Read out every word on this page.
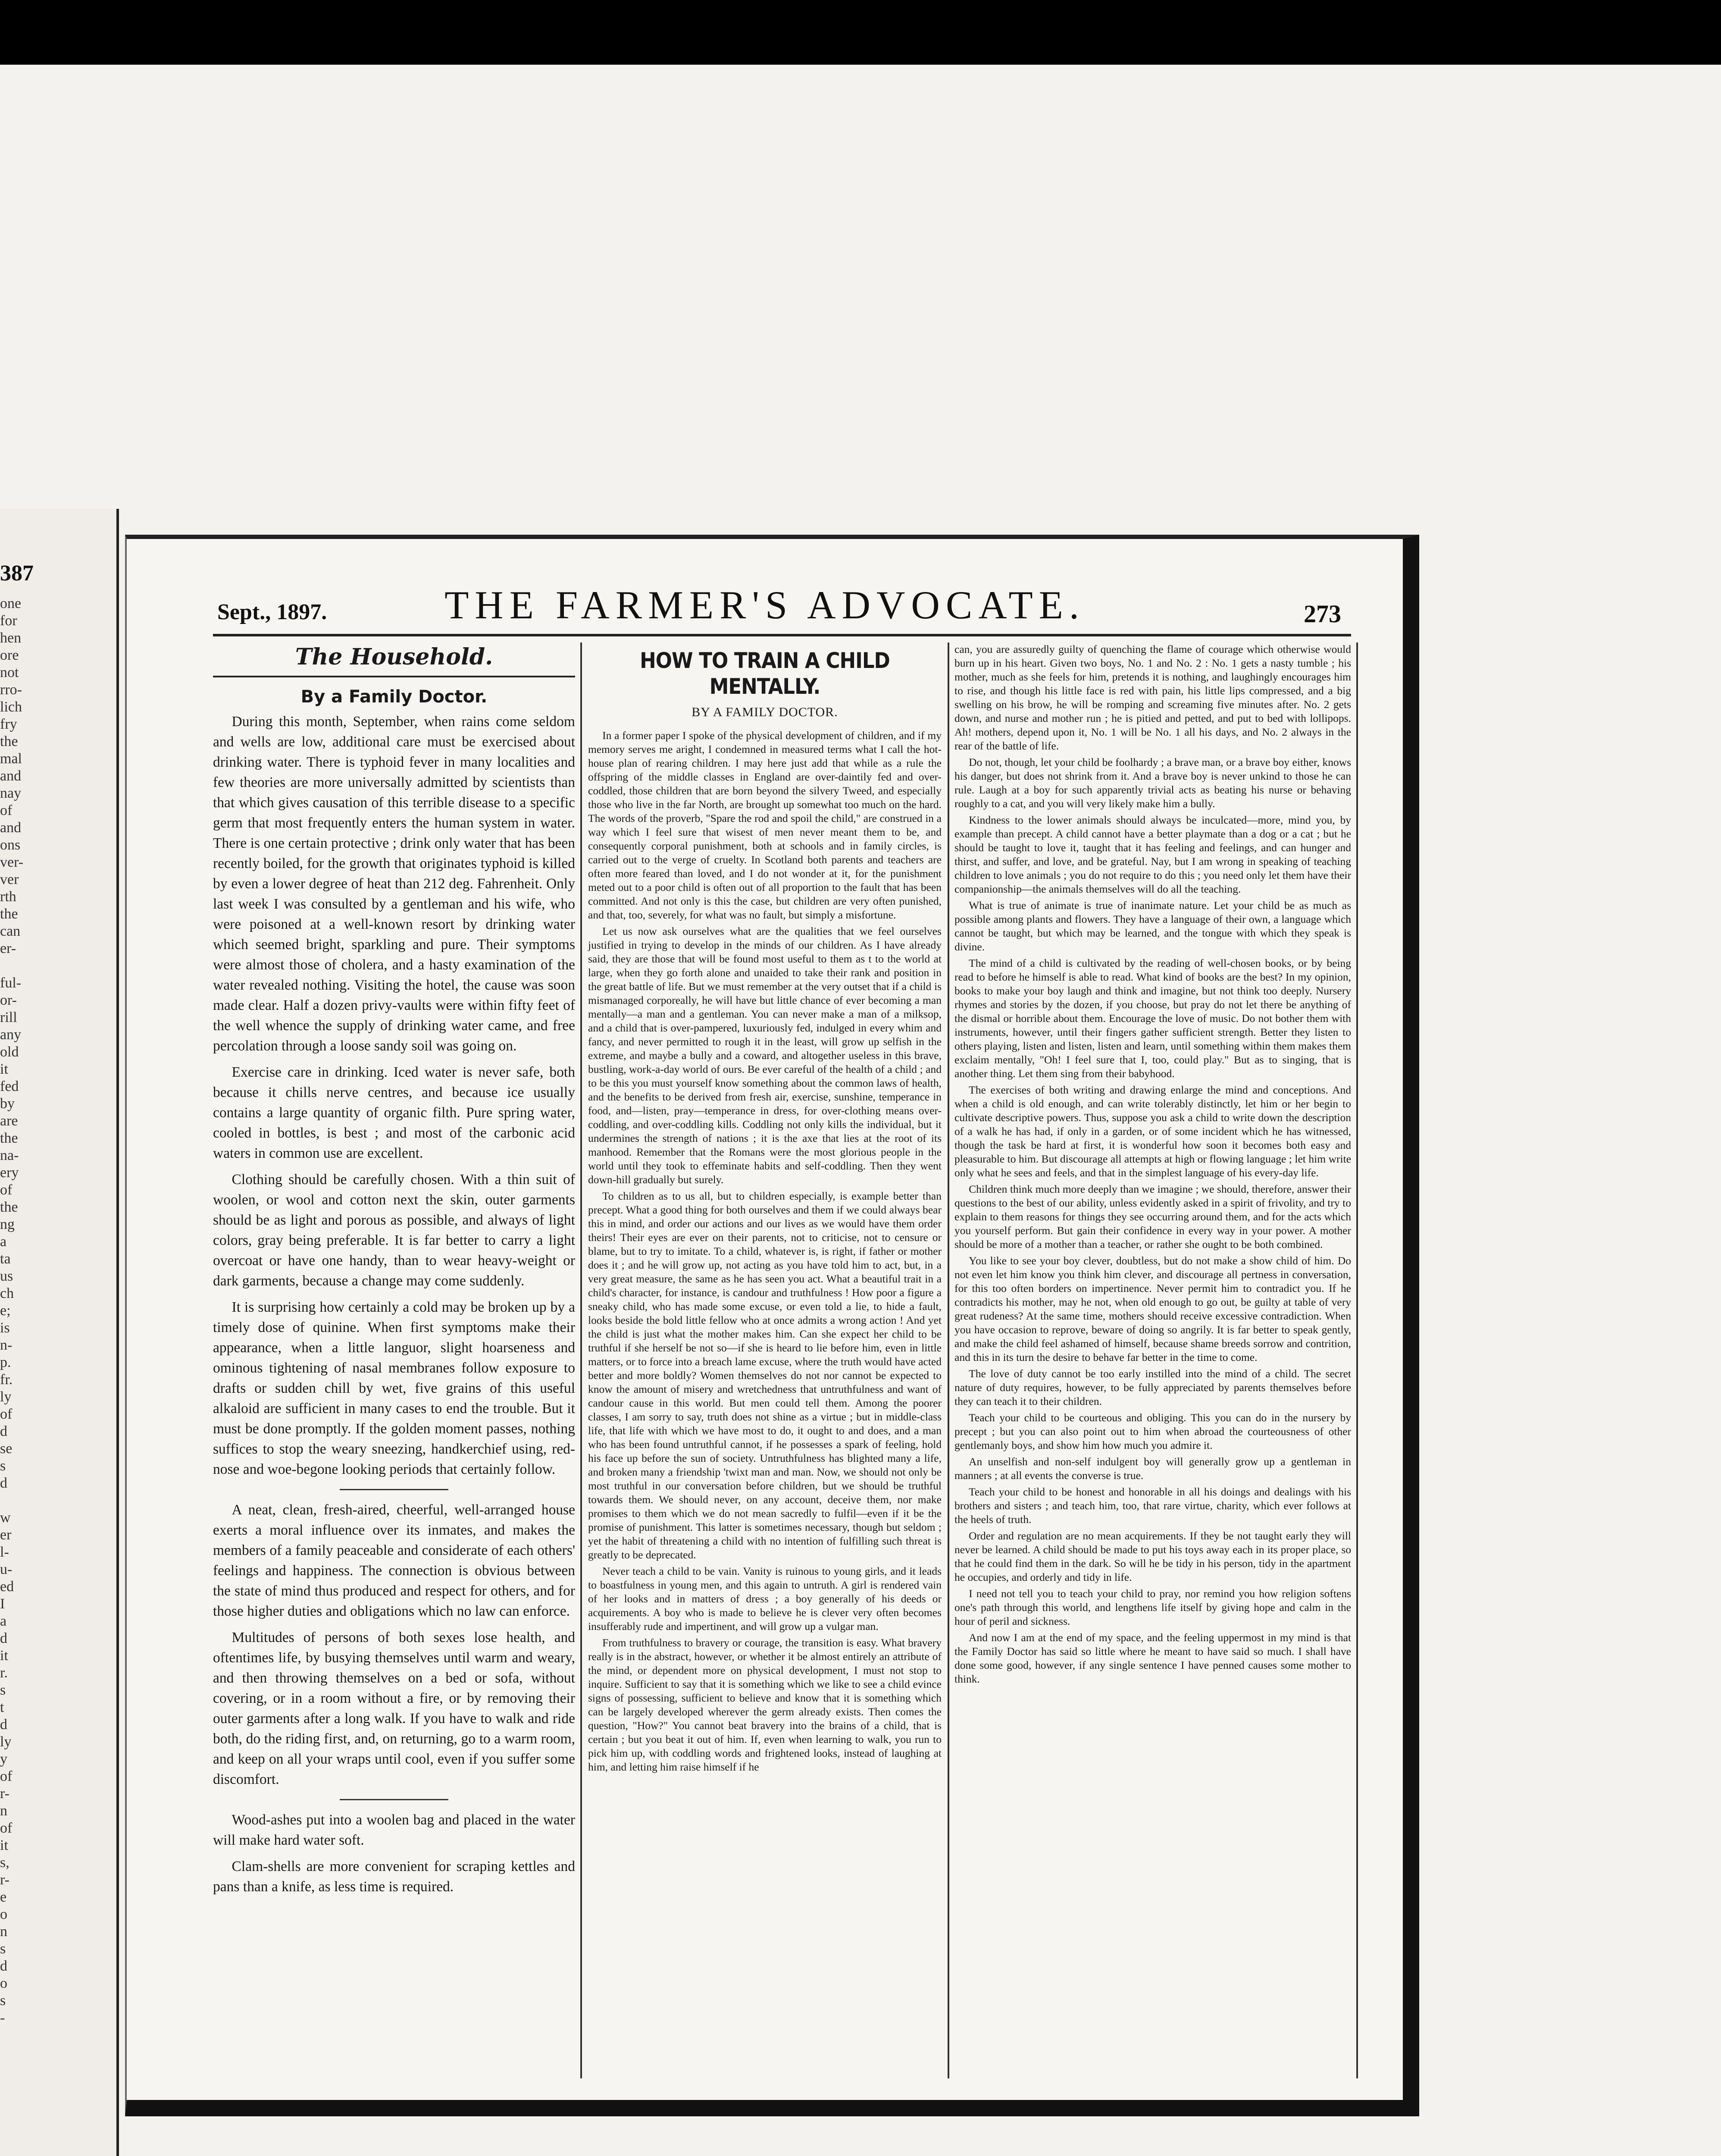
387
one
for
hen
ore
not
rro-
lich
fry
the
mal
and
nay
of
and
ons
ver-
ver
rth
the
can
er-

ful-
or-
rill
any
old
it
fed
by
are
the
na-
ery
of
the
ng
a
ta
us
ch
e;
is
n-
p.
fr.
ly
of
d
se
s
d

w
er
l-
u-
ed
I
a
d
it
r.
s
t
d
ly
y
of
r-
n
of
it
s,
r-
e
o
n
s
d
o
s
-
Sept., 1897.	THE FARMER'S ADVOCATE.	273
The Household.
By a Family Doctor.

During this month, September, when rains come seldom and wells are low, additional care must be exercised about drinking water. There is typhoid fever in many localities and few theories are more universally admitted by scientists than that which gives causation of this terrible disease to a specific germ that most frequently enters the human system in water. There is one certain protective ; drink only water that has been recently boiled, for the growth that originates typhoid is killed by even a lower degree of heat than 212 deg. Fahrenheit. Only last week I was consulted by a gentleman and his wife, who were poisoned at a well-known resort by drinking water which seemed bright, sparkling and pure. Their symptoms were almost those of cholera, and a hasty examination of the water revealed nothing. Visiting the hotel, the cause was soon made clear. Half a dozen privy-vaults were within fifty feet of the well whence the supply of drinking water came, and free percolation through a loose sandy soil was going on.

Exercise care in drinking. Iced water is never safe, both because it chills nerve centres, and because ice usually contains a large quantity of organic filth. Pure spring water, cooled in bottles, is best ; and most of the carbonic acid waters in common use are excellent.

Clothing should be carefully chosen. With a thin suit of woolen, or wool and cotton next the skin, outer garments should be as light and porous as possible, and always of light colors, gray being preferable. It is far better to carry a light overcoat or have one handy, than to wear heavy-weight or dark garments, because a change may come suddenly.

It is surprising how certainly a cold may be broken up by a timely dose of quinine. When first symptoms make their appearance, when a little languor, slight hoarseness and ominous tightening of nasal membranes follow exposure to drafts or sudden chill by wet, five grains of this useful alkaloid are sufficient in many cases to end the trouble. But it must be done promptly. If the golden moment passes, nothing suffices to stop the weary sneezing, handkerchief using, red-nose and woe-begone looking periods that certainly follow.

A neat, clean, fresh-aired, cheerful, well-arranged house exerts a moral influence over its inmates, and makes the members of a family peaceable and considerate of each others' feelings and happiness. The connection is obvious between the state of mind thus produced and respect for others, and for those higher duties and obligations which no law can enforce.

Multitudes of persons of both sexes lose health, and oftentimes life, by busying themselves until warm and weary, and then throwing themselves on a bed or sofa, without covering, or in a room without a fire, or by removing their outer garments after a long walk. If you have to walk and ride both, do the riding first, and, on returning, go to a warm room, and keep on all your wraps until cool, even if you suffer some discomfort.

Wood-ashes put into a woolen bag and placed in the water will make hard water soft.

Clam-shells are more convenient for scraping kettles and pans than a knife, as less time is required.

HOW TO TRAIN A CHILD MENTALLY.
BY A FAMILY DOCTOR.

In a former paper I spoke of the physical development of children, and if my memory serves me aright, I condemned in measured terms what I call the hot-house plan of rearing children. I may here just add that while as a rule the offspring of the middle classes in England are over-daintily fed and over-coddled, those children that are born beyond the silvery Tweed, and especially those who live in the far North, are brought up somewhat too much on the hard. The words of the proverb, "Spare the rod and spoil the child," are construed in a way which I feel sure that wisest of men never meant them to be, and consequently corporal punishment, both at schools and in family circles, is carried out to the verge of cruelty. In Scotland both parents and teachers are often more feared than loved, and I do not wonder at it, for the punishment meted out to a poor child is often out of all proportion to the fault that has been committed. And not only is this the case, but children are very often punished, and that, too, severely, for what was no fault, but simply a misfortune.

Let us now ask ourselves what are the qualities that we feel ourselves justified in trying to develop in the minds of our children. As I have already said, they are those that will be found most useful to them as t to the world at large, when they go forth alone and unaided to take their rank and position in the great battle of life. But we must remember at the very outset that if a child is mismanaged corporeally, he will have but little chance of ever becoming a man mentally—a man and a gentleman. You can never make a man of a milksop, and a child that is over-pampered, luxuriously fed, indulged in every whim and fancy, and never permitted to rough it in the least, will grow up selfish in the extreme, and maybe a bully and a coward, and altogether useless in this brave, bustling, work-a-day world of ours. Be ever careful of the health of a child ; and to be this you must yourself know something about the common laws of health, and the benefits to be derived from fresh air, exercise, sunshine, temperance in food, and—listen, pray—temperance in dress, for over-clothing means over-coddling, and over-coddling kills. Coddling not only kills the individual, but it undermines the strength of nations ; it is the axe that lies at the root of its manhood. Remember that the Romans were the most glorious people in the world until they took to effeminate habits and self-coddling. Then they went down-hill gradually but surely.

To children as to us all, but to children especially, is example better than precept. What a good thing for both ourselves and them if we could always bear this in mind, and order our actions and our lives as we would have them order theirs! Their eyes are ever on their parents, not to criticise, not to censure or blame, but to try to imitate. To a child, whatever is, is right, if father or mother does it ; and he will grow up, not acting as you have told him to act, but, in a very great measure, the same as he has seen you act. What a beautiful trait in a child's character, for instance, is candour and truthfulness ! How poor a figure a sneaky child, who has made some excuse, or even told a lie, to hide a fault, looks beside the bold little fellow who at once admits a wrong action ! And yet the child is just what the mother makes him. Can she expect her child to be truthful if she herself be not so—if she is heard to lie before him, even in little matters, or to force into a breach lame excuse, where the truth would have acted better and more boldly? Women themselves do not nor cannot be expected to know the amount of misery and wretchedness that untruthfulness and want of candour cause in this world. But men could tell them. Among the poorer classes, I am sorry to say, truth does not shine as a virtue ; but in middle-class life, that life with which we have most to do, it ought to and does, and a man who has been found untruthful cannot, if he possesses a spark of feeling, hold his face up before the sun of society. Untruthfulness has blighted many a life, and broken many a friendship 'twixt man and man. Now, we should not only be most truthful in our conversation before children, but we should be truthful towards them. We should never, on any account, deceive them, nor make promises to them which we do not mean sacredly to fulfil—even if it be the promise of punishment. This latter is sometimes necessary, though but seldom ; yet the habit of threatening a child with no intention of fulfilling such threat is greatly to be deprecated.

Never teach a child to be vain. Vanity is ruinous to young girls, and it leads to boastfulness in young men, and this again to untruth. A girl is rendered vain of her looks and in matters of dress ; a boy generally of his deeds or acquirements. A boy who is made to believe he is clever very often becomes insufferably rude and impertinent, and will grow up a vulgar man.

From truthfulness to bravery or courage, the transition is easy. What bravery really is in the abstract, however, or whether it be almost entirely an attribute of the mind, or dependent more on physical development, I must not stop to inquire. Sufficient to say that it is something which we like to see a child evince signs of possessing, sufficient to believe and know that it is something which can be largely developed wherever the germ already exists. Then comes the question, "How?" You cannot beat bravery into the brains of a child, that is certain ; but you beat it out of him. If, even when learning to walk, you run to pick him up, with coddling words and frightened looks, instead of laughing at him, and letting him raise himself if he

can, you are assuredly guilty of quenching the flame of courage which otherwise would burn up in his heart. Given two boys, No. 1 and No. 2 : No. 1 gets a nasty tumble ; his mother, much as she feels for him, pretends it is nothing, and laughingly encourages him to rise, and though his little face is red with pain, his little lips compressed, and a big swelling on his brow, he will be romping and screaming five minutes after. No. 2 gets down, and nurse and mother run ; he is pitied and petted, and put to bed with lollipops. Ah! mothers, depend upon it, No. 1 will be No. 1 all his days, and No. 2 always in the rear of the battle of life.

Do not, though, let your child be foolhardy ; a brave man, or a brave boy either, knows his danger, but does not shrink from it. And a brave boy is never unkind to those he can rule. Laugh at a boy for such apparently trivial acts as beating his nurse or behaving roughly to a cat, and you will very likely make him a bully.

Kindness to the lower animals should always be inculcated—more, mind you, by example than precept. A child cannot have a better playmate than a dog or a cat ; but he should be taught to love it, taught that it has feeling and feelings, and can hunger and thirst, and suffer, and love, and be grateful. Nay, but I am wrong in speaking of teaching children to love animals ; you do not require to do this ; you need only let them have their companionship—the animals themselves will do all the teaching.

What is true of animate is true of inanimate nature. Let your child be as much as possible among plants and flowers. They have a language of their own, a language which cannot be taught, but which may be learned, and the tongue with which they speak is divine.

The mind of a child is cultivated by the reading of well-chosen books, or by being read to before he himself is able to read. What kind of books are the best? In my opinion, books to make your boy laugh and think and imagine, but not think too deeply. Nursery rhymes and stories by the dozen, if you choose, but pray do not let there be anything of the dismal or horrible about them. Encourage the love of music. Do not bother them with instruments, however, until their fingers gather sufficient strength. Better they listen to others playing, listen and listen, listen and learn, until something within them makes them exclaim mentally, "Oh! I feel sure that I, too, could play." But as to singing, that is another thing. Let them sing from their babyhood.

The exercises of both writing and drawing enlarge the mind and conceptions. And when a child is old enough, and can write tolerably distinctly, let him or her begin to cultivate descriptive powers. Thus, suppose you ask a child to write down the description of a walk he has had, if only in a garden, or of some incident which he has witnessed, though the task be hard at first, it is wonderful how soon it becomes both easy and pleasurable to him. But discourage all attempts at high or flowing language ; let him write only what he sees and feels, and that in the simplest language of his every-day life.

Children think much more deeply than we imagine ; we should, therefore, answer their questions to the best of our ability, unless evidently asked in a spirit of frivolity, and try to explain to them reasons for things they see occurring around them, and for the acts which you yourself perform. But gain their confidence in every way in your power. A mother should be more of a mother than a teacher, or rather she ought to be both combined.

You like to see your boy clever, doubtless, but do not make a show child of him. Do not even let him know you think him clever, and discourage all pertness in conversation, for this too often borders on impertinence. Never permit him to contradict you. If he contradicts his mother, may he not, when old enough to go out, be guilty at table of very great rudeness? At the same time, mothers should receive excessive contradiction. When you have occasion to reprove, beware of doing so angrily. It is far better to speak gently, and make the child feel ashamed of himself, because shame breeds sorrow and contrition, and this in its turn the desire to behave far better in the time to come.

The love of duty cannot be too early instilled into the mind of a child. The secret nature of duty requires, however, to be fully appreciated by parents themselves before they can teach it to their children.

Teach your child to be courteous and obliging. This you can do in the nursery by precept ; but you can also point out to him when abroad the courteousness of other gentlemanly boys, and show him how much you admire it.

An unselfish and non-self indulgent boy will generally grow up a gentleman in manners ; at all events the converse is true.

Teach your child to be honest and honorable in all his doings and dealings with his brothers and sisters ; and teach him, too, that rare virtue, charity, which ever follows at the heels of truth.

Order and regulation are no mean acquirements. If they be not taught early they will never be learned. A child should be made to put his toys away each in its proper place, so that he could find them in the dark. So will he be tidy in his person, tidy in the apartment he occupies, and orderly and tidy in life.

I need not tell you to teach your child to pray, nor remind you how religion softens one's path through this world, and lengthens life itself by giving hope and calm in the hour of peril and sickness.

And now I am at the end of my space, and the feeling uppermost in my mind is that the Family Doctor has said so little where he meant to have said so much. I shall have done some good, however, if any single sentence I have penned causes some mother to think.
